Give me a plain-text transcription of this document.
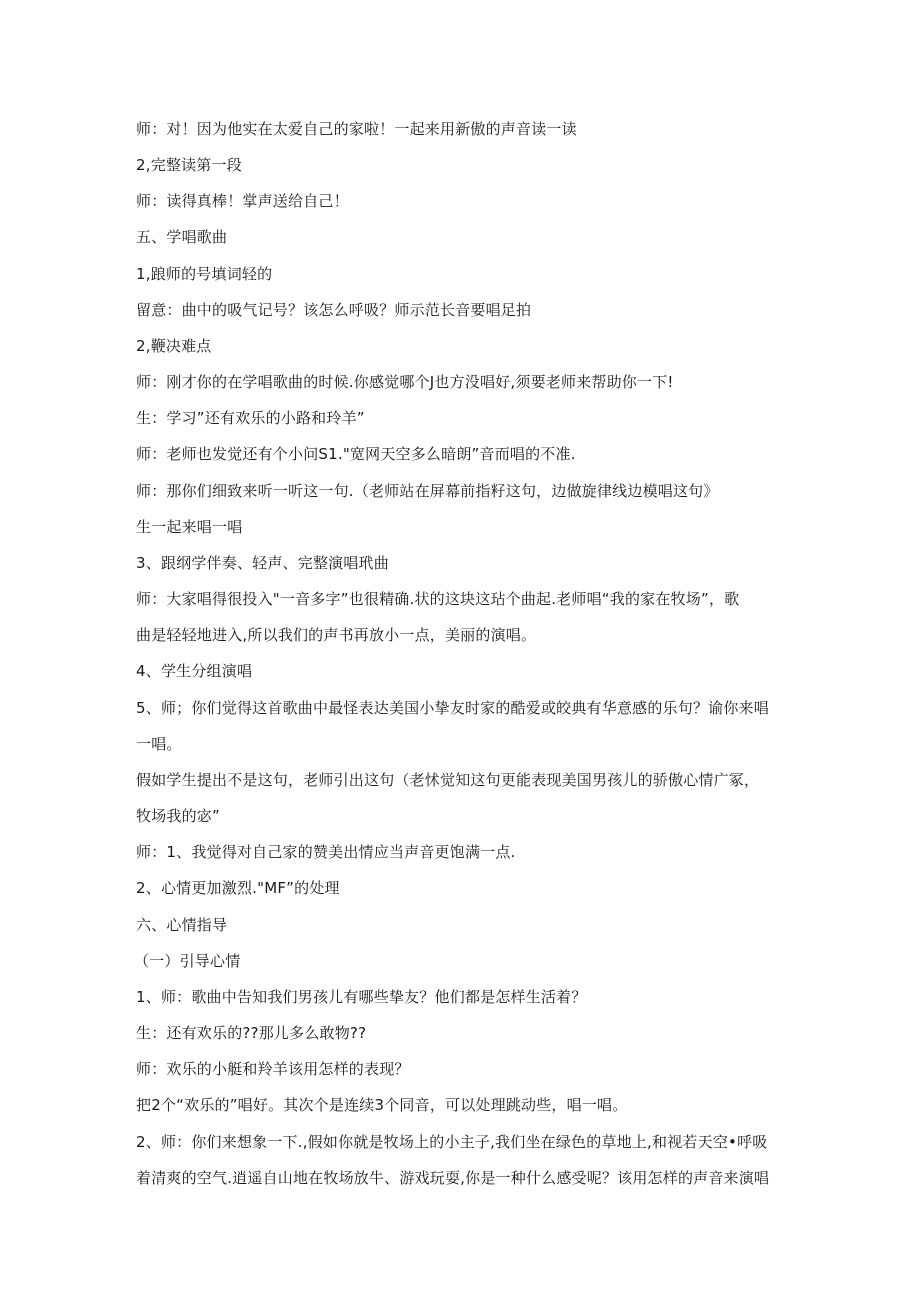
师：对！因为他实在太爱自己的家啦！一起来用新傲的声音读一读
2,完整读第一段
师：读得真棒！掌声送给自己！
五、学唱歌曲
1,踉师的号填词轻的
留意：曲中的吸气记号？该怎么呼吸？师示范长音要唱足拍
2,鞭决难点
师：刚才你的在学唱歌曲的时候.你感觉哪个J也方没唱好,须要老师来帮助你一下!
生：学习”还有欢乐的小路和玲羊”
师：老师也发觉还有个小问S1."宽网天空多么暗朗”音而唱的不准.
师：那你们细致来听一听这一句.（老师站在屏幕前指籽这句，边做旋律线边模唱这句》
生一起来唱一唱
3、跟纲学伴奏、轻声、完整演唱玳曲
师：大家唱得很投入"一音多字”也很精确.状的这块这玷个曲起.老师唱“我的家在牧场”，歌
曲是轻轻地进入,所以我们的声书再放小一点，美丽的演唱。
4、学生分组演唱
5、师；你们觉得这首歌曲中最怪表达美国小挚友时家的酷爱或皎典有华意感的乐句？谕你来唱
一唱。
假如学生提出不是这句，老师引出这句（老怵觉知这句更能表现美国男孩儿的骄傲心情广冢，
牧场我的宓”
师：1、我觉得对自己家的赞美出情应当声音更饱满一点.
2、心情更加激烈."MF”的处理
六、心情指导
（一）引导心情
1、师：歌曲中告知我们男孩儿有哪些挚友？他们都是怎样生活着？
生：还有欢乐的??那儿多么敢物??
师：欢乐的小艇和羚羊该用怎样的表现？
把2个“欢乐的”唱好。其次个是连续3个同音，可以处理跳动些，唱一唱。
2、师：你们来想象一下.,假如你就是牧场上的小主子,我们坐在绿色的草地上,和视若天空•呼吸
着清爽的空气.逍遥自山地在牧场放牛、游戏玩耍,你是一种什么感受呢？该用怎样的声音来演唱
